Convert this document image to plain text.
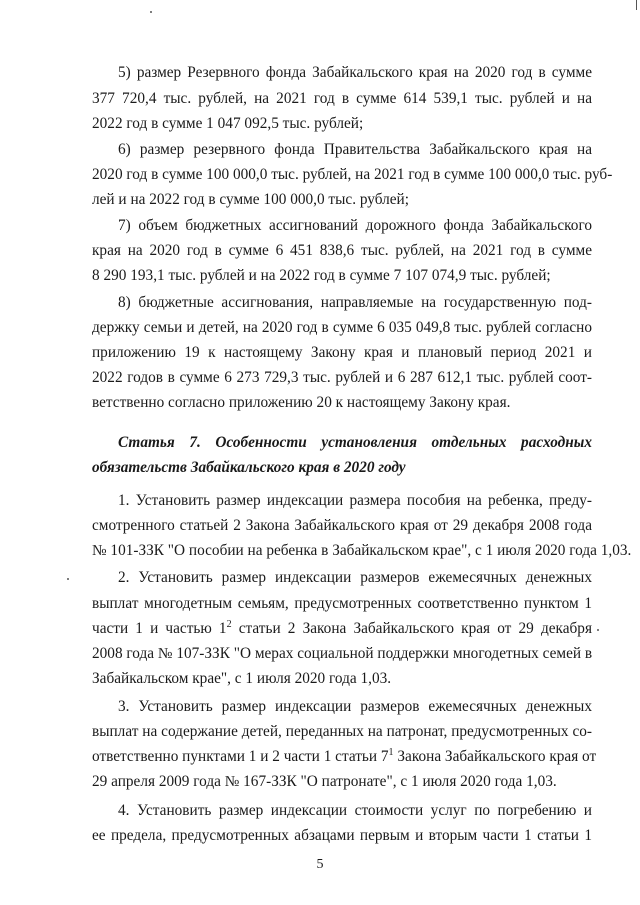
5) размер Резервного фонда Забайкальского края на 2020 год в сумме
377 720,4 тыс. рублей, на 2021 год в сумме 614 539,1 тыс. рублей и на
2022 год в сумме 1 047 092,5 тыс. рублей;
6) размер резервного фонда Правительства Забайкальского края на
2020 год в сумме 100 000,0 тыс. рублей, на 2021 год в сумме 100 000,0 тыс. руб-
лей и на 2022 год в сумме 100 000,0 тыс. рублей;
7) объем бюджетных ассигнований дорожного фонда Забайкальского
края на 2020 год в сумме 6 451 838,6 тыс. рублей, на 2021 год в сумме
8 290 193,1 тыс. рублей и на 2022 год в сумме 7 107 074,9 тыс. рублей;
8) бюджетные ассигнования, направляемые на государственную под-
держку семьи и детей, на 2020 год в сумме 6 035 049,8 тыс. рублей согласно
приложению 19 к настоящему Закону края и плановый период 2021 и
2022 годов в сумме 6 273 729,3 тыс. рублей и 6 287 612,1 тыс. рублей соот-
ветственно согласно приложению 20 к настоящему Закону края.
Статья 7. Особенности установления отдельных расходных
обязательств Забайкальского края в 2020 году
1. Установить размер индексации размера пособия на ребенка, преду-
смотренного статьей 2 Закона Забайкальского края от 29 декабря 2008 года
№ 101-ЗЗК "О пособии на ребенка в Забайкальском крае", с 1 июля 2020 года 1,03.
2. Установить размер индексации размеров ежемесячных денежных
выплат многодетным семьям, предусмотренных соответственно пунктом 1
части 1 и частью $1^2$ статьи 2 Закона Забайкальского края от 29 декабря
2008 года № 107-ЗЗК "О мерах социальной поддержки многодетных семей в
Забайкальском крае", с 1 июля 2020 года 1,03.
3. Установить размер индексации размеров ежемесячных денежных
выплат на содержание детей, переданных на патронат, предусмотренных со-
ответственно пунктами 1 и 2 части 1 статьи $7^1$ Закона Забайкальского края от
29 апреля 2009 года № 167-ЗЗК "О патронате", с 1 июля 2020 года 1,03.
4. Установить размер индексации стоимости услуг по погребению и
ее предела, предусмотренных абзацами первым и вторым части 1 статьи 1
5
